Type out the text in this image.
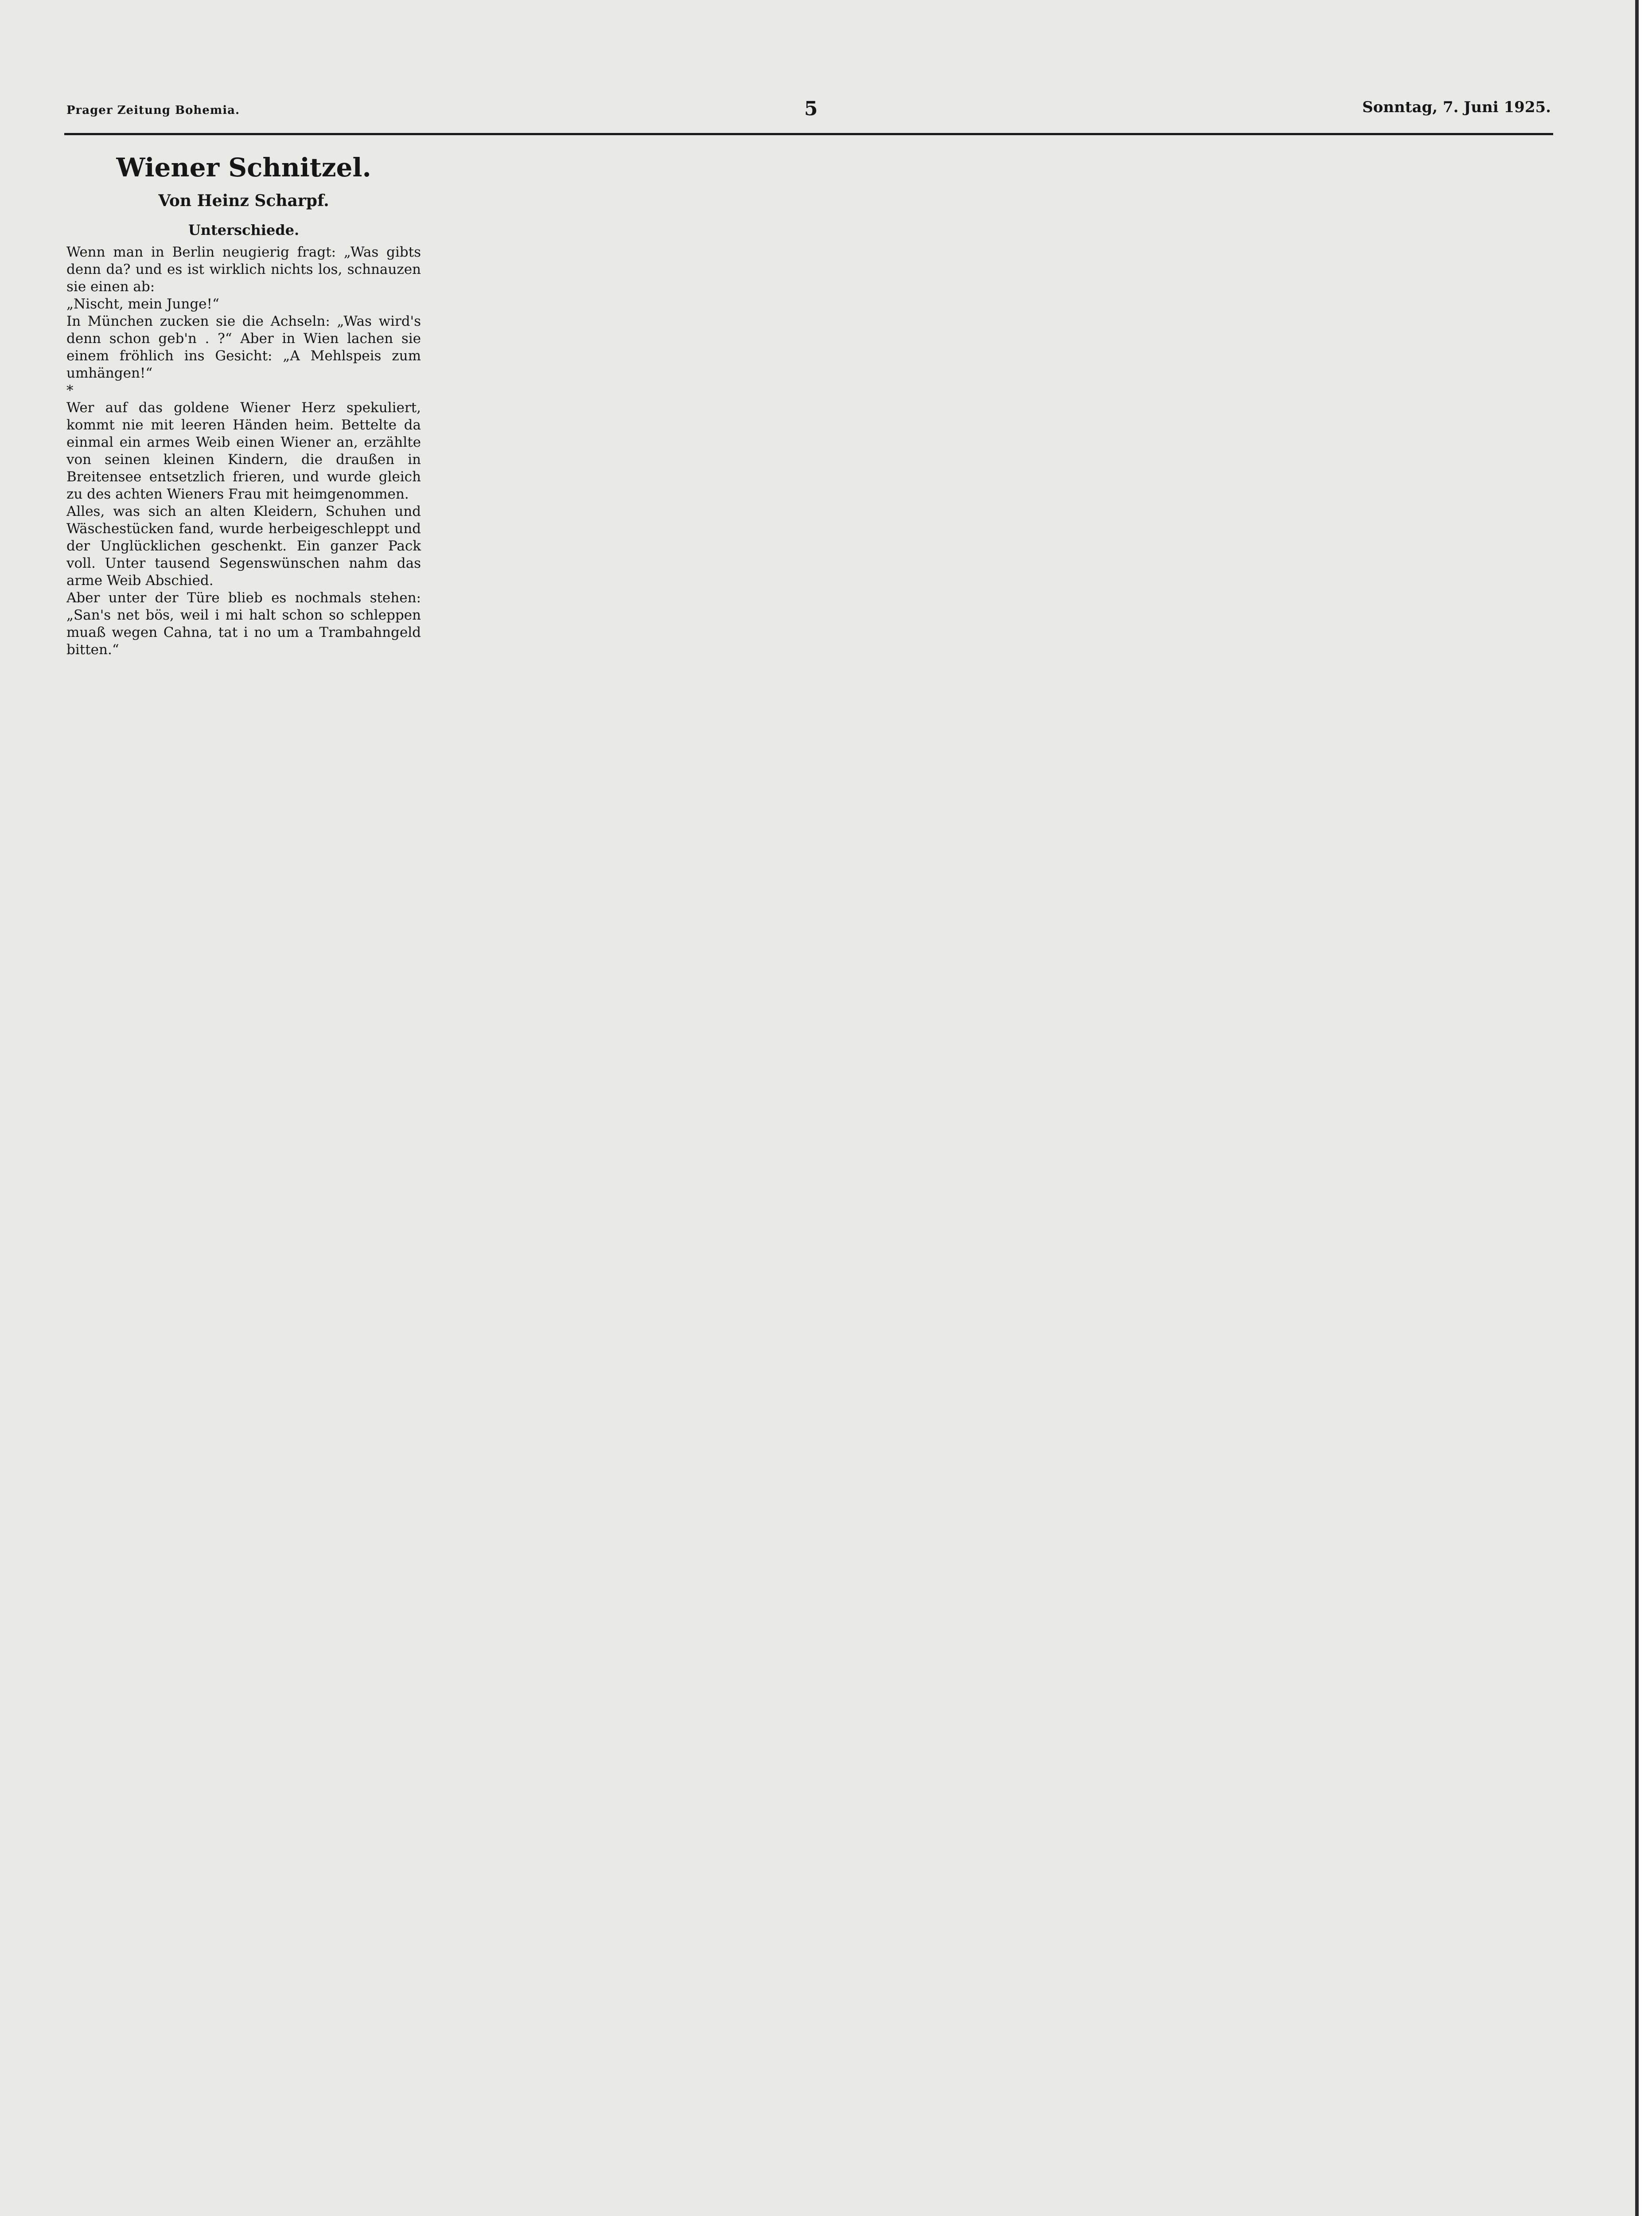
Prager Zeitung Bohemia.	5	Sonntag, 7. Juni 1925.
Wiener Schnitzel.
Von Heinz Scharpf.
Unterschiede.
Wenn man in Berlin neugierig fragt: „Was gibts denn da? und es ist wirklich nichts los, schnauzen sie einen ab:
„Nischt, mein Junge!“
In München zucken sie die Achseln: „Was wird's denn schon geb'n . ?“ Aber in Wien lachen sie einem fröhlich ins Gesicht: „A Mehlspeis zum umhängen!“
*
Wer auf das goldene Wiener Herz spekuliert, kommt nie mit leeren Händen heim. Bettelte da einmal ein armes Weib einen Wiener an, erzählte von seinen kleinen Kindern, die draußen in Breitensee entsetzlich frieren, und wurde gleich zu des achten Wieners Frau mit heimgenommen.
Alles, was sich an alten Kleidern, Schuhen und Wäschestücken fand, wurde herbeigeschleppt und der Unglücklichen geschenkt. Ein ganzer Pack voll. Unter tausend Segenswünschen nahm das arme Weib Abschied.
Aber unter der Türe blieb es nochmals stehen: „San's net bös, weil i mi halt schon so schleppen muaß wegen Cahna, tat i no um a Trambahngeld bitten.“
